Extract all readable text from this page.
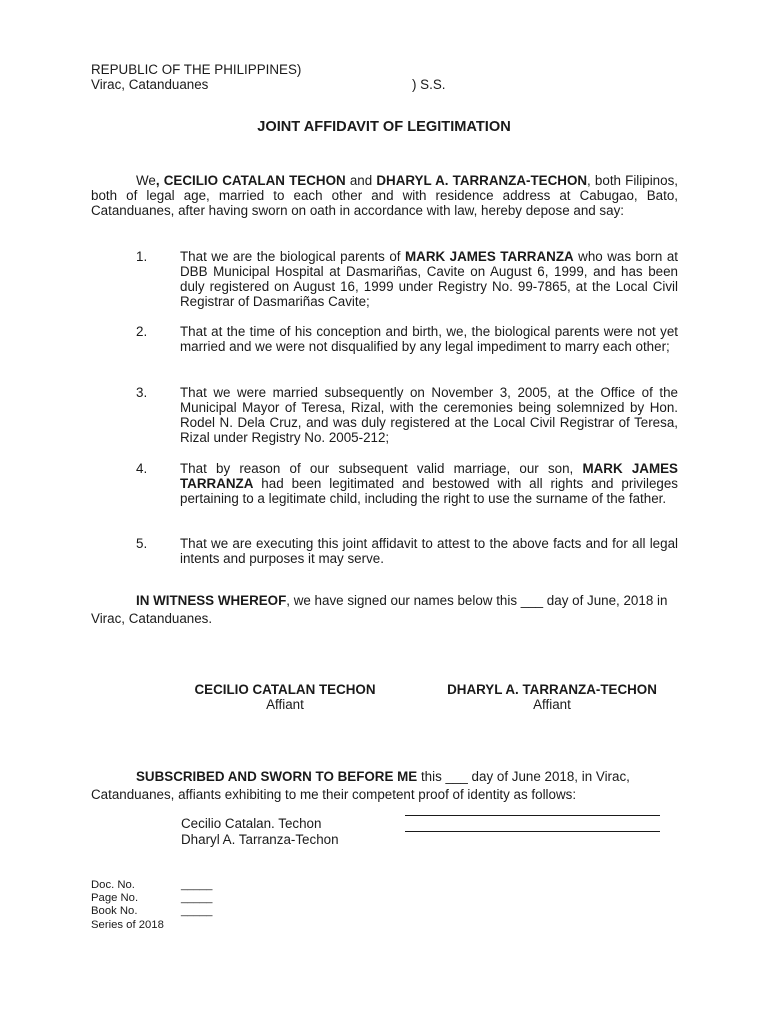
REPUBLIC OF THE PHILIPPINES)
Virac, Catanduanes	) S.S.
JOINT AFFIDAVIT OF LEGITIMATION
We, CECILIO CATALAN TECHON and DHARYL A. TARRANZA-TECHON, both Filipinos, both of legal age, married to each other and with residence address at Cabugao, Bato, Catanduanes, after having sworn on oath in accordance with law, hereby depose and say:
1. That we are the biological parents of MARK JAMES TARRANZA who was born at DBB Municipal Hospital at Dasmariñas, Cavite on August 6, 1999, and has been duly registered on August 16, 1999 under Registry No. 99-7865, at the Local Civil Registrar of Dasmariñas Cavite;
2. That at the time of his conception and birth, we, the biological parents were not yet married and we were not disqualified by any legal impediment to marry each other;
3. That we were married subsequently on November 3, 2005, at the Office of the Municipal Mayor of Teresa, Rizal, with the ceremonies being solemnized by Hon. Rodel N. Dela Cruz, and was duly registered at the Local Civil Registrar of Teresa, Rizal under Registry No. 2005-212;
4. That by reason of our subsequent valid marriage, our son, MARK JAMES TARRANZA had been legitimated and bestowed with all rights and privileges pertaining to a legitimate child, including the right to use the surname of the father.
5. That we are executing this joint affidavit to attest to the above facts and for all legal intents and purposes it may serve.
IN WITNESS WHEREOF, we have signed our names below this ___ day of June, 2018 in Virac, Catanduanes.
CECILIO CATALAN TECHON
Affiant
DHARYL A. TARRANZA-TECHON
Affiant
SUBSCRIBED AND SWORN TO BEFORE ME this ___ day of June 2018, in Virac, Catanduanes, affiants exhibiting to me their competent proof of identity as follows:
Cecilio Catalan. Techon
Dharyl A. Tarranza-Techon
Doc. No.	_____
Page No.	_____
Book No.	_____
Series of 2018
